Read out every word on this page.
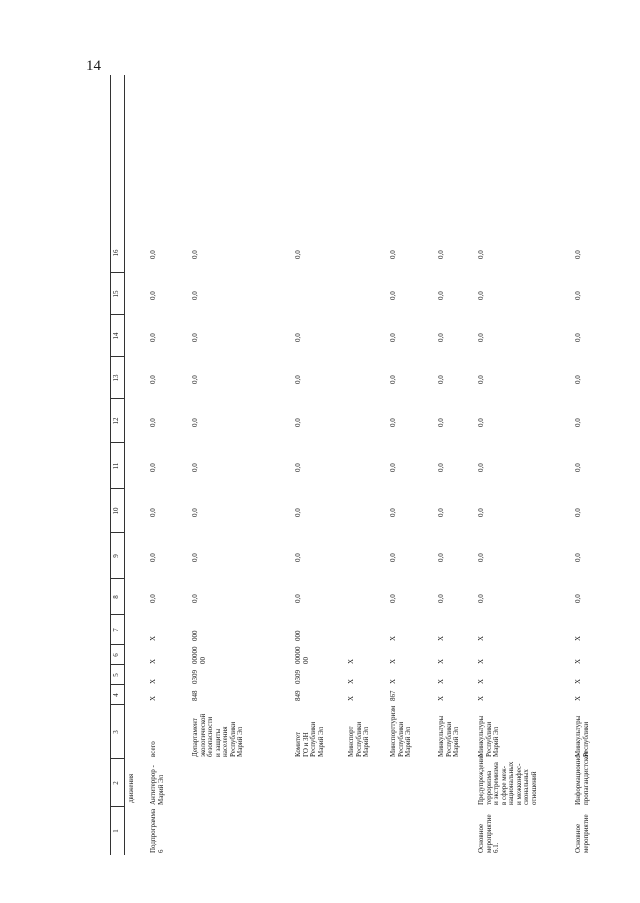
14
1
2
3
4
5
6
7
8
9
10
11
12
13
14
15
16
движения
Подпрограмма 6
Антитеррор - Марий Эл
всего
Х
Х
Х
Х
0,0
0,0
0,0
0,0
0,0
0,0
0,0
0,0
0,0
Департамент экологической безопасности и защиты населения Республики Марий Эл
848
0309
00000 00
000
0,0
0,0
0,0
0,0
0,0
0,0
0,0
0,0
0,0
Комитет ГО и ЗН Республики Марий Эл
849
0309
00000 00
000
0,0
0,0
0,0
0,0
0,0
0,0
0,0
0,0
Минспорт Республики Марий Эл
Х
Х
Х
Минспорттуризм Республики Марий Эл
867
Х
Х
Х
0,0
0,0
0,0
0,0
0,0
0,0
0,0
0,0
0,0
Минкультуры Республики Марий Эл
Х
Х
Х
Х
0,0
0,0
0,0
0,0
0,0
0,0
0,0
0,0
0,0
Основное мероприятие 6.1.
Предупреждение терроризма и экстремизма в сфере меж- национальных и межконфес- сиональных отношений
Минкультуры Республики Марий Эл
Х
Х
Х
Х
0,0
0,0
0,0
0,0
0,0
0,0
0,0
0,0
0,0
Основное мероприятие
Информационно- пропагандистское
Минкультуры Республики
Х
Х
Х
Х
0,0
0,0
0,0
0,0
0,0
0,0
0,0
0,0
0,0
